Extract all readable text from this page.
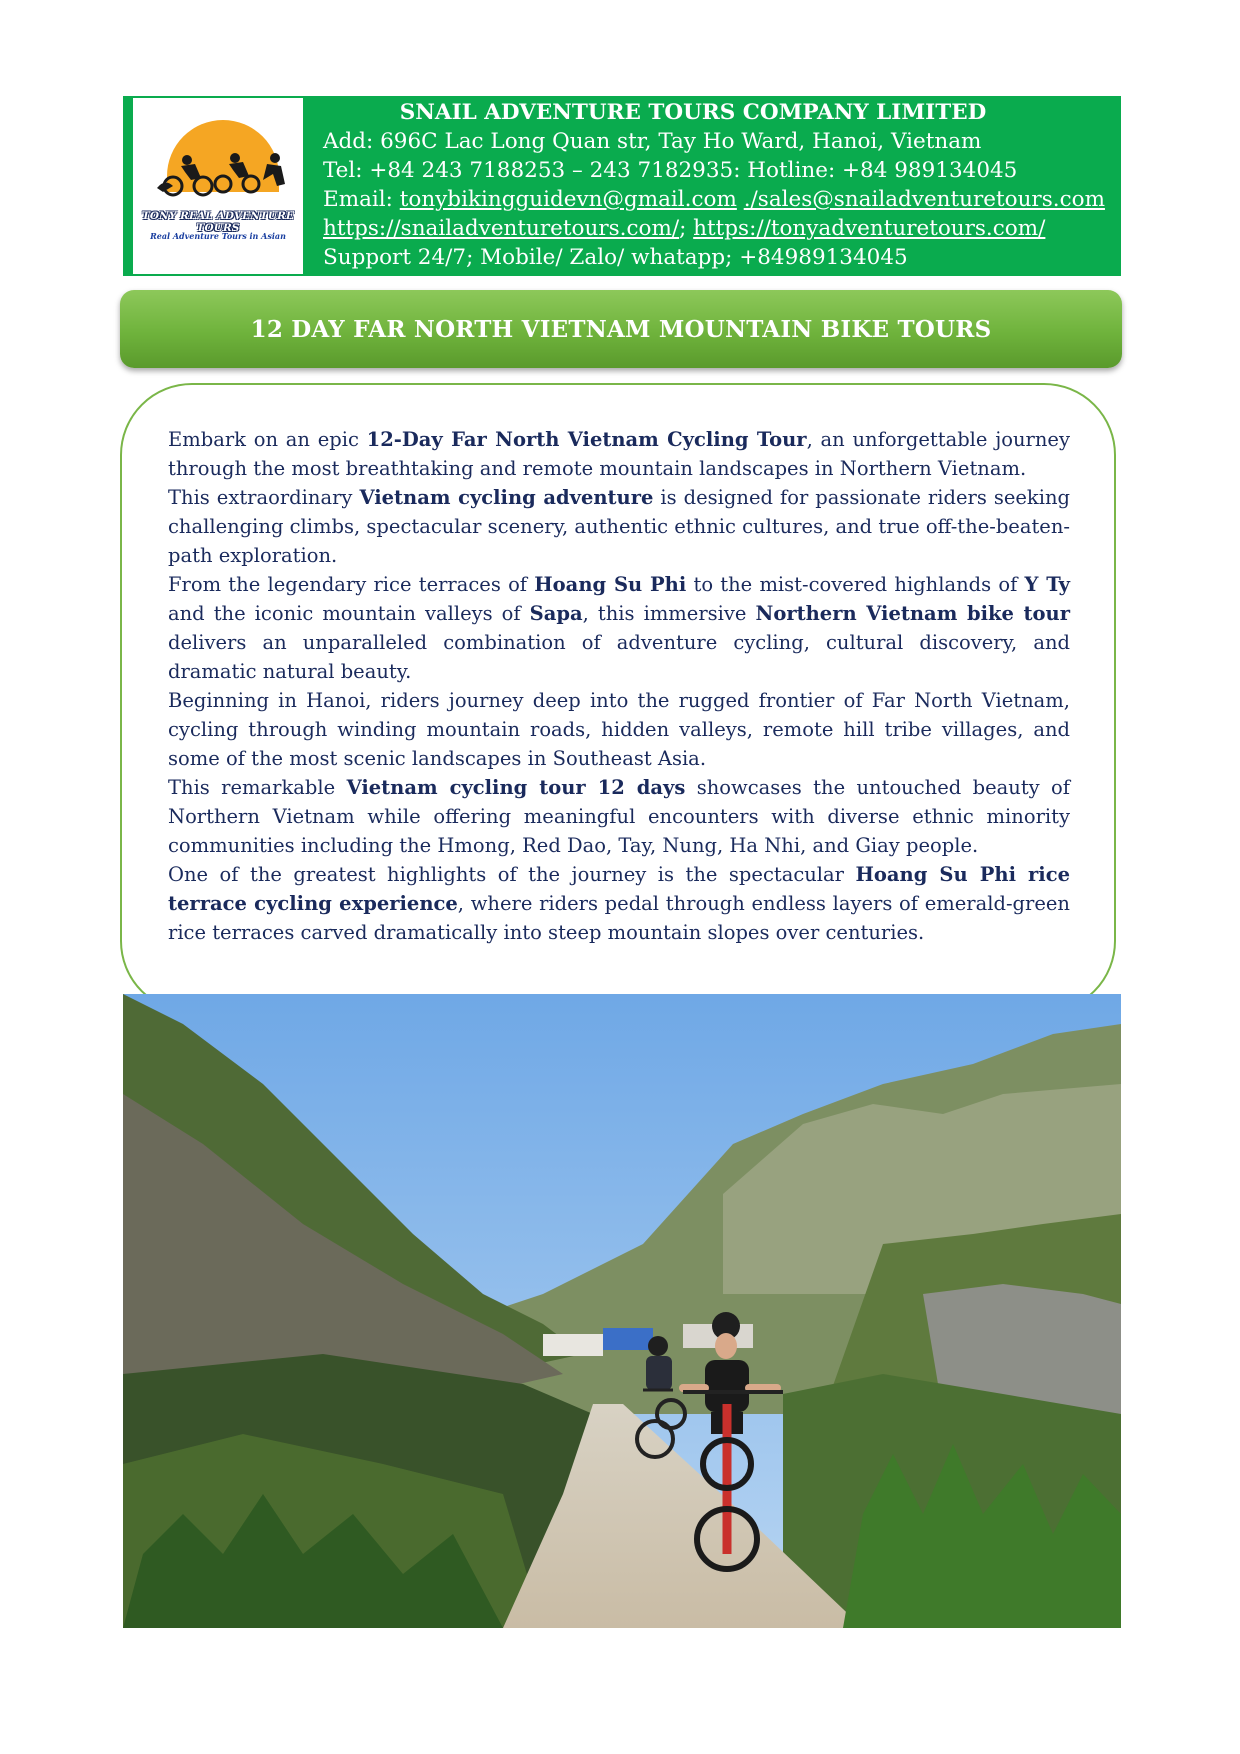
TONY REAL ADVENTURE TOURS
Real Adventure Tours in Asian
SNAIL ADVENTURE TOURS COMPANY LIMITED
Add: 696C Lac Long Quan str, Tay Ho Ward, Hanoi, Vietnam
Tel: +84 243 7188253 – 243 7182935: Hotline: +84 989134045
Email: tonybikingguidevn@gmail.com ./sales@snailadventuretours.com
https://snailadventuretours.com/; https://tonyadventuretours.com/
Support 24/7; Mobile/ Zalo/ whatapp; +84989134045
12 DAY FAR NORTH VIETNAM MOUNTAIN BIKE TOURS

Embark on an epic 12-Day Far North Vietnam Cycling Tour, an unforgettable journey through the most breathtaking and remote mountain landscapes in Northern Vietnam.

This extraordinary Vietnam cycling adventure is designed for passionate riders seeking challenging climbs, spectacular scenery, authentic ethnic cultures, and true off-the-beaten-path exploration.

From the legendary rice terraces of Hoang Su Phi to the mist-covered highlands of Y Ty and the iconic mountain valleys of Sapa, this immersive Northern Vietnam bike tour delivers an unparalleled combination of adventure cycling, cultural discovery, and dramatic natural beauty.

Beginning in Hanoi, riders journey deep into the rugged frontier of Far North Vietnam, cycling through winding mountain roads, hidden valleys, remote hill tribe villages, and some of the most scenic landscapes in Southeast Asia.

This remarkable Vietnam cycling tour 12 days showcases the untouched beauty of Northern Vietnam while offering meaningful encounters with diverse ethnic minority communities including the Hmong, Red Dao, Tay, Nung, Ha Nhi, and Giay people.

One of the greatest highlights of the journey is the spectacular Hoang Su Phi rice terrace cycling experience, where riders pedal through endless layers of emerald-green rice terraces carved dramatically into steep mountain slopes over centuries.
